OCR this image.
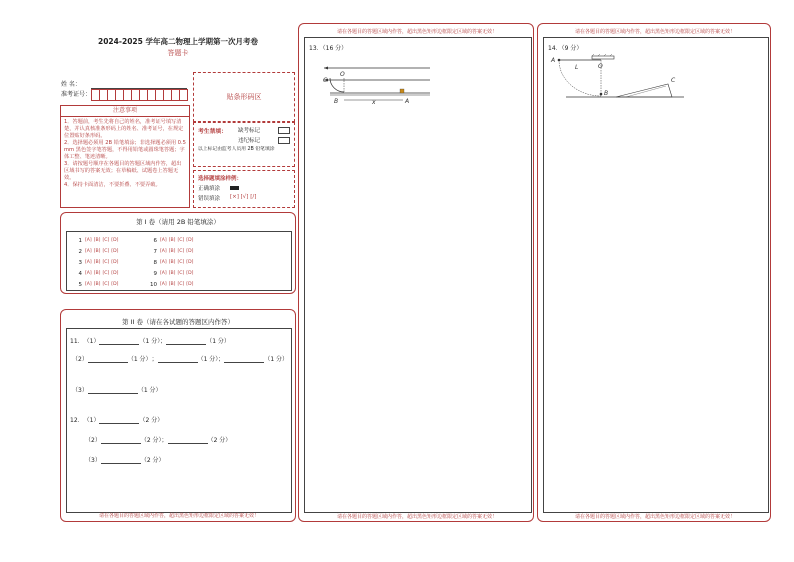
2024-2025 学年高二物理上学期第一次月考卷
答题卡
姓 名：
准考证号：	贴条形码区
注意事项
1．答题前，考生先将自己的姓名，准考证号填写清楚，并认真核准条形码上的姓名、准考证号，在规定位置贴好条形码。
2．选择题必须用 2B 铅笔填涂；非选择题必须用 0.5 mm 黑色签字笔答题，不得用铅笔或圆珠笔答题；字体工整、笔迹清晰。
3．请按题号顺序在各题目的答题区域内作答，超出区域书写的答案无效；在草稿纸、试题卷上答题无效。
4．保持卡面清洁，不要折叠、不要弄破。
考生禁填： 缺考标记
违纪标记
以上标记由监考人员用 2B 铅笔填涂
选择题填涂样例：
正确填涂
错误填涂 [×] [√] [/]
第 I 卷（请用 2B 铅笔填涂）
1 [A] [B] [C] [D]
2 [A] [B] [C] [D]
3 [A] [B] [C] [D]
4 [A] [B] [C] [D]
5 [A] [B] [C] [D]
6 [A] [B] [C] [D]
7 [A] [B] [C] [D]
8 [A] [B] [C] [D]
9 [A] [B] [C] [D]
10 [A] [B] [C] [D]
第 II 卷（请在各试题的答题区内作答）
11． （1）	（1 分）；	（1 分）
（2）	（1 分） ；	（1 分）；	（1 分）
（3）	（1 分）
12． （1）	（2 分）
（2）	（2 分）；	（2 分）
（3）	（2 分）
请在各题目的答题区域内作答，超出黑色矩形边框限定区域的答案无效！
请在各题目的答题区域内作答，超出黑色矩形边框限定区域的答案无效！
13．（16 分）
C
O
B	x	A
请在各题目的答题区域内作答，超出黑色矩形边框限定区域的答案无效！
请在各题目的答题区域内作答，超出黑色矩形边框限定区域的答案无效！
14．（9 分）
A
O
L
B
C
请在各题目的答题区域内作答，超出黑色矩形边框限定区域的答案无效！
